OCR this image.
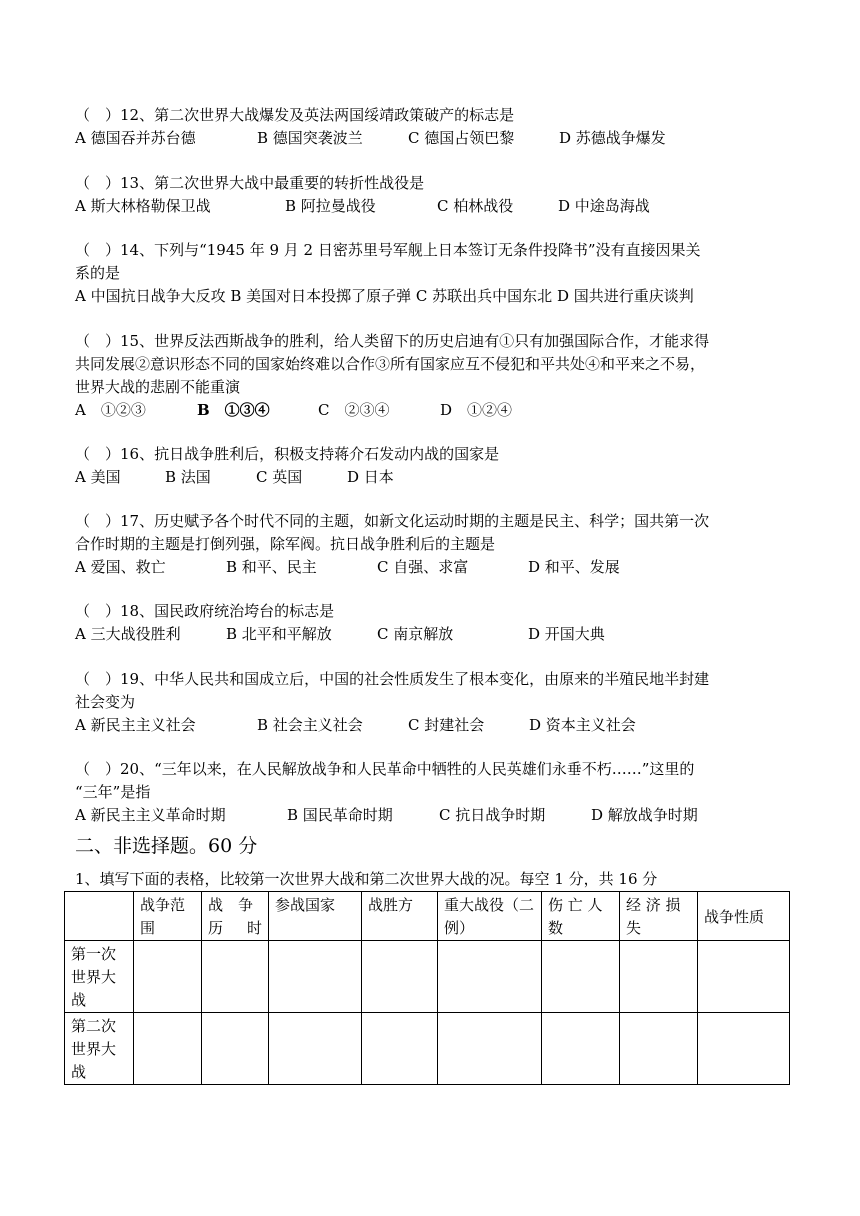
（　）12、第二次世界大战爆发及英法两国绥靖政策破产的标志是
A 德国吞并苏台德	B 德国突袭波兰	C 德国占领巴黎	D 苏德战争爆发
（　）13、第二次世界大战中最重要的转折性战役是
A 斯大林格勒保卫战	B 阿拉曼战役	C 柏林战役	D 中途岛海战
（　）14、下列与“1945 年 9 月 2 日密苏里号军舰上日本签订无条件投降书”没有直接因果关
系的是
A 中国抗日战争大反攻 B 美国对日本投掷了原子弹 C 苏联出兵中国东北 D 国共进行重庆谈判
（　）15、世界反法西斯战争的胜利，给人类留下的历史启迪有①只有加强国际合作，才能求得
共同发展②意识形态不同的国家始终难以合作③所有国家应互不侵犯和平共处④和平来之不易，
世界大战的悲剧不能重演
A　①②③	B　①③④	C　②③④	D　①②④
（　）16、抗日战争胜利后，积极支持蒋介石发动内战的国家是
A 美国	B 法国	C 英国	D 日本
（　）17、历史赋予各个时代不同的主题，如新文化运动时期的主题是民主、科学；国共第一次
合作时期的主题是打倒列强，除军阀。抗日战争胜利后的主题是
A 爱国、救亡	B 和平、民主	C 自强、求富	D 和平、发展
（　）18、国民政府统治垮台的标志是
A 三大战役胜利	B 北平和平解放	C 南京解放	D 开国大典
（　）19、中华人民共和国成立后，中国的社会性质发生了根本变化，由原来的半殖民地半封建
社会变为
A 新民主主义社会	B 社会主义社会	C 封建社会	D 资本主义社会
（　）20、“三年以来，在人民解放战争和人民革命中牺牲的人民英雄们永垂不朽……”这里的
“三年”是指
A 新民主主义革命时期	B 国民革命时期	C 抗日战争时期	D 解放战争时期
二、非选择题。60 分
1、填写下面的表格，比较第一次世界大战和第二次世界大战的况。每空 1 分，共 16 分
	战争范围	战　争历时	参战国家	战胜方	重大战役（二例）	伤 亡 人数	经 济 损失	战争性质
第一次世界大战								
第二次世界大战								
